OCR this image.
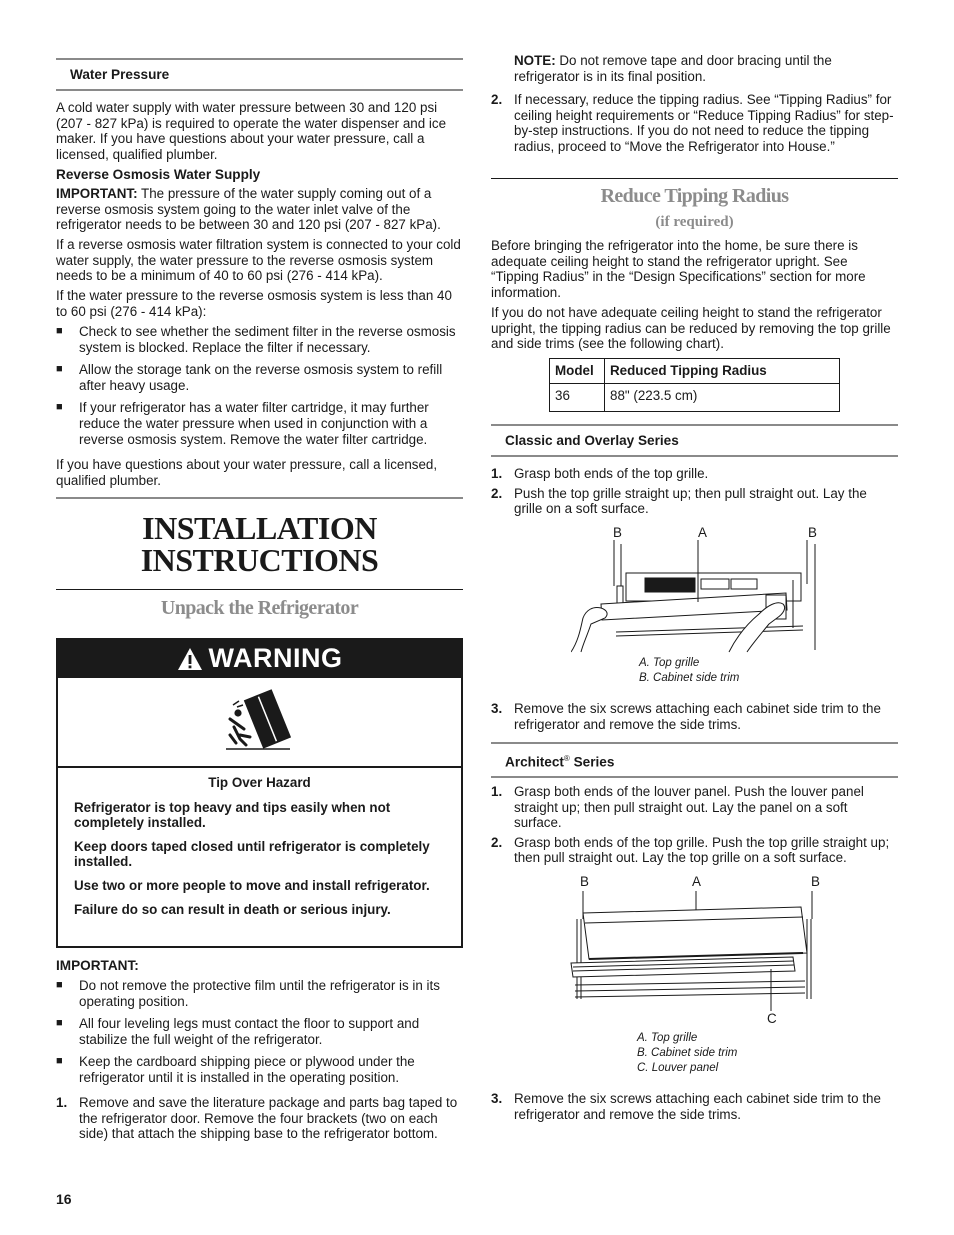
Water Pressure

A cold water supply with water pressure between 30 and 120 psi (207 - 827 kPa) is required to operate the water dispenser and ice maker. If you have questions about your water pressure, call a licensed, qualified plumber.

Reverse Osmosis Water Supply

IMPORTANT: The pressure of the water supply coming out of a reverse osmosis system going to the water inlet valve of the refrigerator needs to be between 30 and 120 psi (207 - 827 kPa).

If a reverse osmosis water filtration system is connected to your cold water supply, the water pressure to the reverse osmosis system needs to be a minimum of 40 to 60 psi (276 - 414 kPa).

If the water pressure to the reverse osmosis system is less than 40 to 60 psi (276 - 414 kPa):

■ Check to see whether the sediment filter in the reverse osmosis system is blocked. Replace the filter if necessary.
■ Allow the storage tank on the reverse osmosis system to refill after heavy usage.
■ If your refrigerator has a water filter cartridge, it may further reduce the water pressure when used in conjunction with a reverse osmosis system. Remove the water filter cartridge.

If you have questions about your water pressure, call a licensed, qualified plumber.

INSTALLATION
INSTRUCTIONS
Unpack the Refrigerator
IMPORTANT:
■ Do not remove the protective film until the refrigerator is in its operating position.
■ All four leveling legs must contact the floor to support and stabilize the full weight of the refrigerator.
■ Keep the cardboard shipping piece or plywood under the refrigerator until it is installed in the operating position.
1. Remove and save the literature package and parts bag taped to the refrigerator door. Remove the four brackets (two on each side) that attach the shipping base to the refrigerator bottom.
WARNING

Tip Over Hazard

Refrigerator is top heavy and tips easily when not completely installed.

Keep doors taped closed until refrigerator is completely installed.

Use two or more people to move and install refrigerator.

Failure do so can result in death or serious injury.

16

NOTE: Do not remove tape and door bracing until the refrigerator is in its final position.

2. If necessary, reduce the tipping radius. See “Tipping Radius” for ceiling height requirements or “Reduce Tipping Radius” for step-by-step instructions. If you do not need to reduce the tipping radius, proceed to “Move the Refrigerator into House.”
Reduce Tipping Radius
(if required)

Before bringing the refrigerator into the home, be sure there is adequate ceiling height to stand the refrigerator upright. See “Tipping Radius” in the “Design Specifications” section for more information.

If you do not have adequate ceiling height to stand the refrigerator upright, the tipping radius can be reduced by removing the top grille and side trims (see the following chart).

Model	Reduced Tipping Radius
36	88" (223.5 cm)
Classic and Overlay Series
1. Grasp both ends of the top grille.
2. Push the top grille straight up; then pull straight out. Lay the grille on a soft surface.
B	A	B
A. Top grille
B. Cabinet side trim
3. Remove the six screws attaching each cabinet side trim to the refrigerator and remove the side trims.
Architect® Series
1. Grasp both ends of the louver panel. Push the louver panel straight up; then pull straight out. Lay the panel on a soft surface.
2. Grasp both ends of the top grille. Push the top grille straight up; then pull straight out. Lay the top grille on a soft surface.
B	A	B
C
A. Top grille
B. Cabinet side trim
C. Louver panel
3. Remove the six screws attaching each cabinet side trim to the refrigerator and remove the side trims.
